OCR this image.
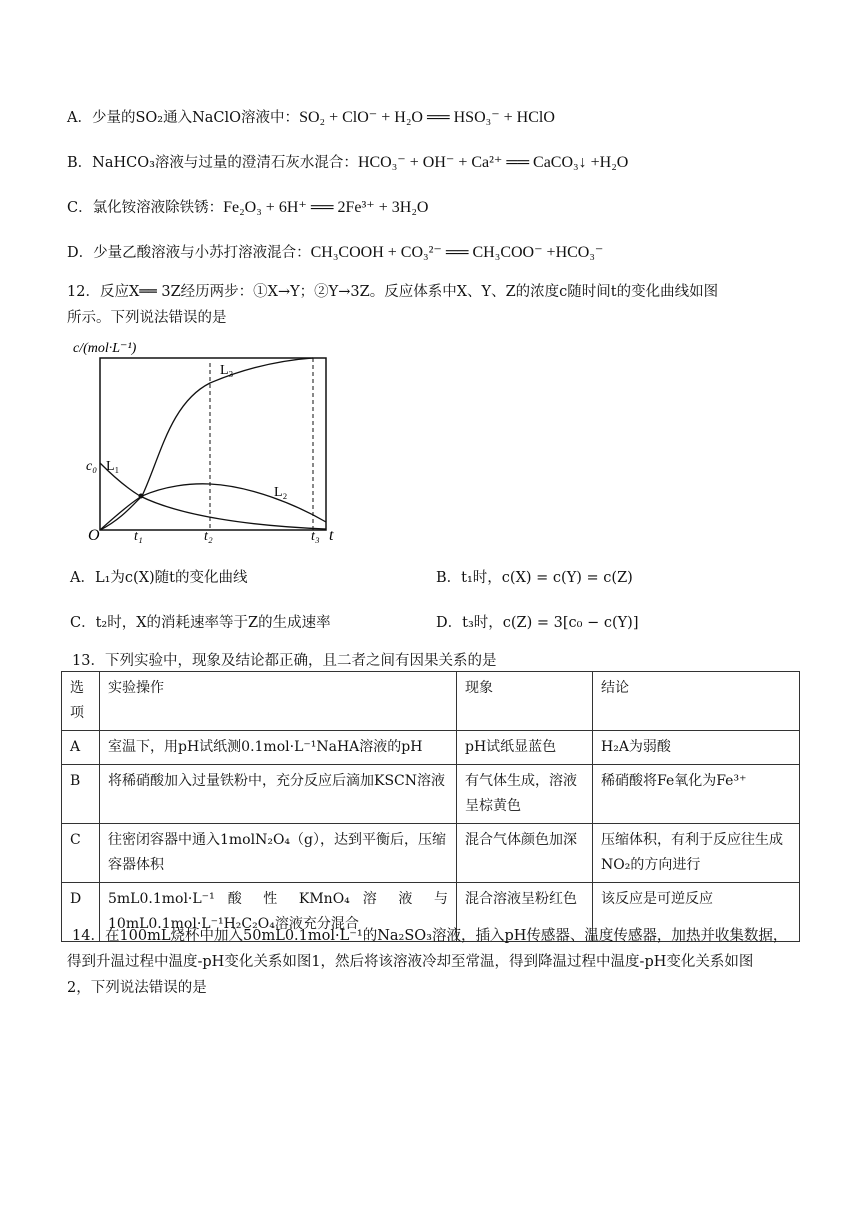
A．少量的SO₂通入NaClO溶液中：SO₂ + ClO⁻ + H₂O ══ HSO₃⁻ + HClO
B．NaHCO₃溶液与过量的澄清石灰水混合：HCO₃⁻ + OH⁻ + Ca²⁺ ══ CaCO₃↓ +H₂O
C．氯化铵溶液除铁锈：Fe₂O₃ + 6H⁺ ══ 2Fe³⁺ + 3H₂O
D．少量乙酸溶液与小苏打溶液混合：CH₃COOH + CO₃²⁻ ══ CH₃COO⁻ +HCO₃⁻
12．反应X══ 3Z经历两步：①X→Y；②Y→3Z。反应体系中X、Y、Z的浓度c随时间t的变化曲线如图
所示。下列说法错误的是
c/(mol·L⁻¹)
c₀
O
L₁
L₂
L₃
t₁	t₂	t₃ t
A．L₁为c(X)随t的变化曲线	B．t₁时，c(X) = c(Y) = c(Z)
C．t₂时，X的消耗速率等于Z的生成速率	D．t₃时，c(Z) = 3[c₀ − c(Y)]
13．下列实验中，现象及结论都正确，且二者之间有因果关系的是
选项	实验操作	现象	结论
A	室温下，用pH试纸测0.1mol·L⁻¹NaHA溶液的pH	pH试纸显蓝色	H₂A为弱酸
B	将稀硝酸加入过量铁粉中，充分反应后滴加KSCN溶液	有气体生成，溶液呈棕黄色	稀硝酸将Fe氧化为Fe³⁺
C	往密闭容器中通入1molN₂O₄（g），达到平衡后，压缩容器体积	混合气体颜色加深	压缩体积，有利于反应往生成NO₂的方向进行
D	5mL0.1mol·L⁻¹ 酸 性 KMnO₄ 溶 液 与
10mL0.1mol·L⁻¹H₂C₂O₄溶液充分混合	混合溶液呈粉红色	该反应是可逆反应
14．在100mL烧杯中加入50mL0.1mol·L⁻¹的Na₂SO₃溶液，插入pH传感器、温度传感器，加热并收集数据，
得到升温过程中温度-pH变化关系如图1，然后将该溶液冷却至常温，得到降温过程中温度-pH变化关系如图
2，下列说法错误的是
